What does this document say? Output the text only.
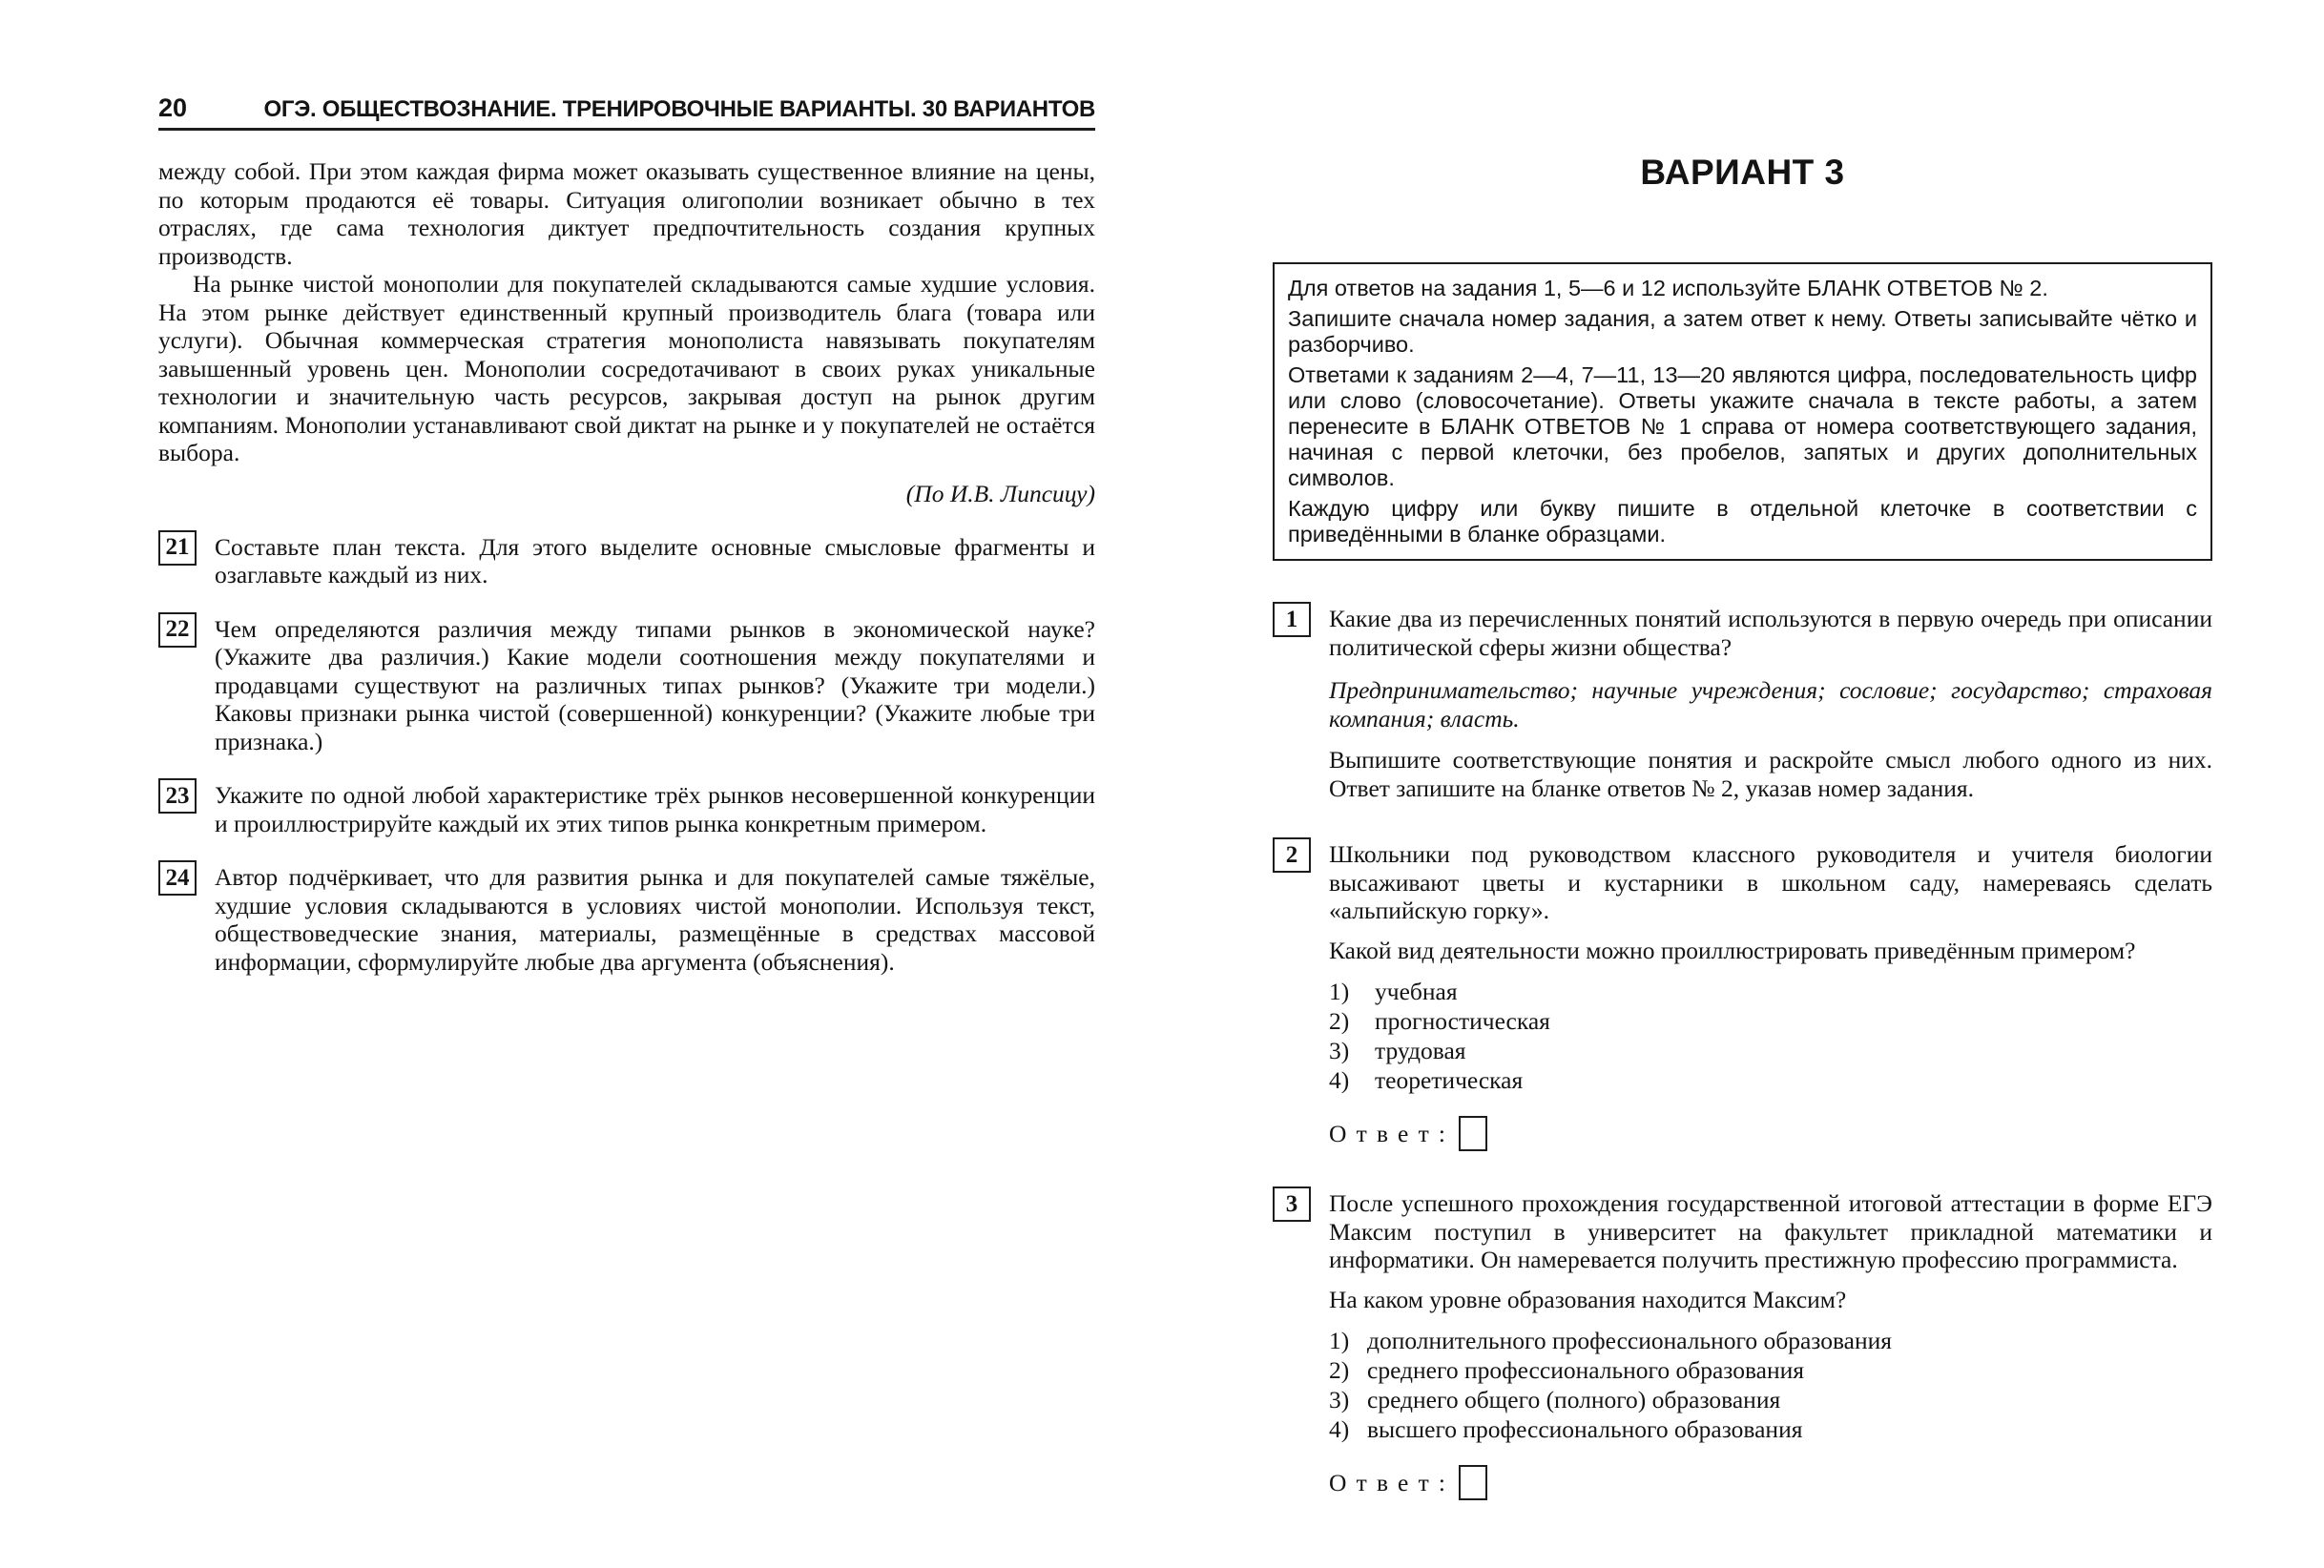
20	ОГЭ. ОБЩЕСТВОЗНАНИЕ. ТРЕНИРОВОЧНЫЕ ВАРИАНТЫ. 30 ВАРИАНТОВ

между собой. При этом каждая фирма может оказывать существенное влияние на цены, по которым продаются её товары. Ситуация олигополии возникает обычно в тех отраслях, где сама технология диктует предпочтительность создания крупных производств.

На рынке чистой монополии для покупателей складываются самые худшие условия. На этом рынке действует единственный крупный производитель блага (товара или услуги). Обычная коммерческая стратегия монополиста навязывать покупателям завышенный уровень цен. Монополии сосредотачивают в своих руках уникальные технологии и значительную часть ресурсов, закрывая доступ на рынок другим компаниям. Монополии устанавливают свой диктат на рынке и у покупателей не остаётся выбора.

(По И.В. Липсицу)
21 Составьте план текста. Для этого выделите основные смысловые фрагменты и озаглавьте каждый из них.

22 Чем определяются различия между типами рынков в экономической науке? (Укажите два различия.) Какие модели соотношения между покупателями и продавцами существуют на различных типах рынков? (Укажите три модели.) Каковы признаки рынка чистой (совершенной) конкуренции? (Укажите любые три признака.)

23 Укажите по одной любой характеристике трёх рынков несовершенной конкуренции и проиллюстрируйте каждый их этих типов рынка конкретным примером.

24 Автор подчёркивает, что для развития рынка и для покупателей самые тяжёлые, худшие условия складываются в условиях чистой монополии. Используя текст, обществоведческие знания, материалы, размещённые в средствах массовой информации, сформулируйте любые два аргумента (объяснения).

ВАРИАНТ 3

Для ответов на задания 1, 5—6 и 12 используйте БЛАНК ОТВЕТОВ № 2.

Запишите сначала номер задания, а затем ответ к нему. Ответы записывайте чётко и разборчиво.

Ответами к заданиям 2—4, 7—11, 13—20 являются цифра, последовательность цифр или слово (словосочетание). Ответы укажите сначала в тексте работы, а затем перенесите в БЛАНК ОТВЕТОВ № 1 справа от номера соответствующего задания, начиная с первой клеточки, без пробелов, запятых и других дополнительных символов.

Каждую цифру или букву пишите в отдельной клеточке в соответствии с приведёнными в бланке образцами.

1	Какие два из перечисленных понятий используются в первую очередь при описании политической сферы жизни общества?

Предпринимательство; научные учреждения; сословие; государство; страховая компания; власть.

Выпишите соответствующие понятия и раскройте смысл любого одного из них. Ответ запишите на бланке ответов № 2, указав номер задания.

2	Школьники под руководством классного руководителя и учителя биологии высаживают цветы и кустарники в школьном саду, намереваясь сделать «альпийскую горку».

Какой вид деятельности можно проиллюстрировать приведённым примером?

1)	учебная
2)	прогностическая
3)	трудовая
4)	теоретическая
Ответ:
3	После успешного прохождения государственной итоговой аттестации в форме ЕГЭ Максим поступил в университет на факультет прикладной математики и информатики. Он намеревается получить престижную профессию программиста.

На каком уровне образования находится Максим?

1) дополнительного профессионального образования
2) среднего профессионального образования
3) среднего общего (полного) образования
4) высшего профессионального образования
Ответ:
